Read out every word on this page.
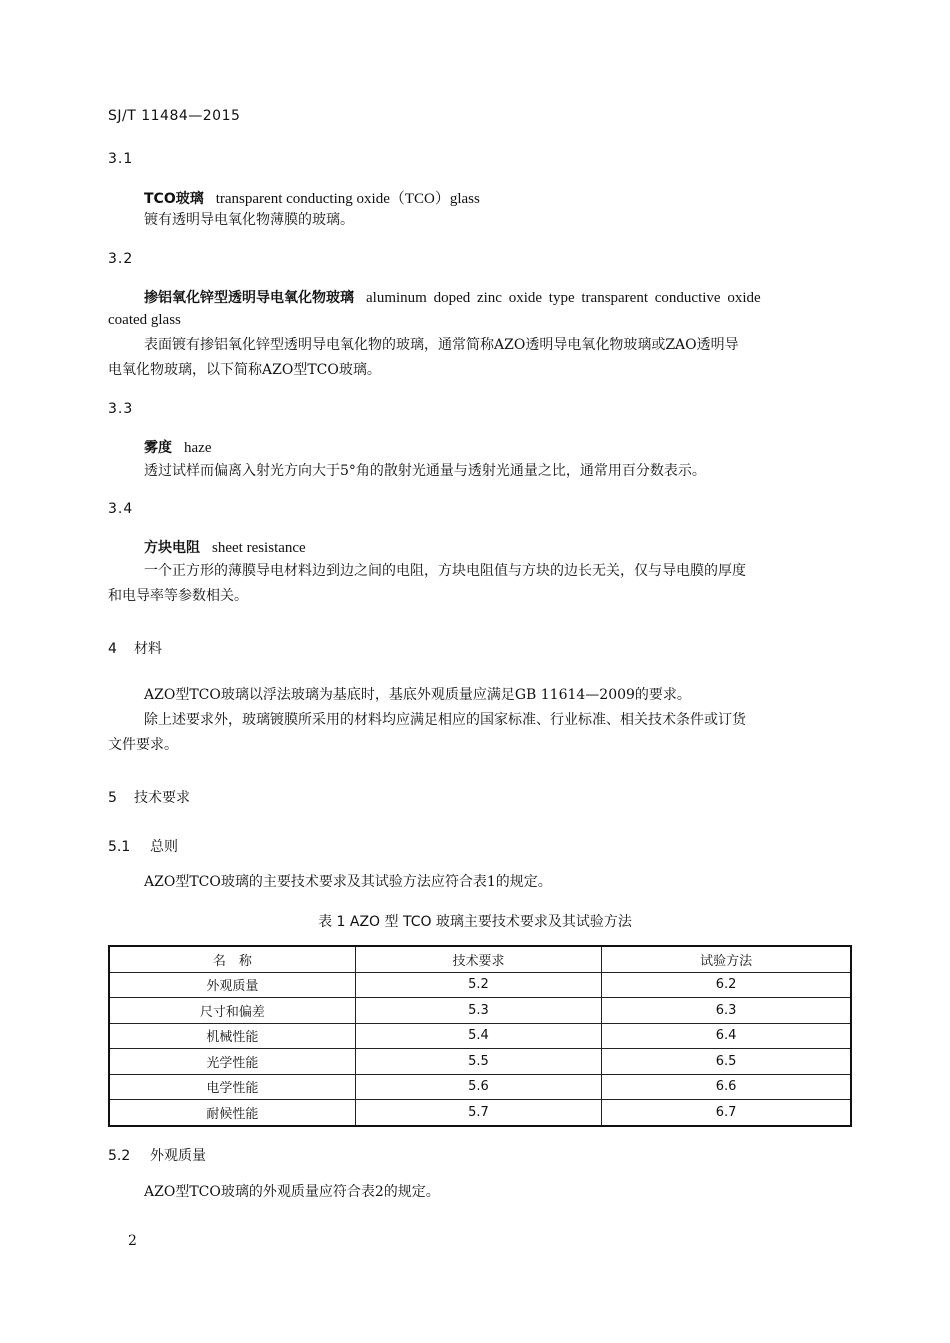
SJ/T 11484—2015
3.1
TCO玻璃 transparent conducting oxide（TCO）glass
镀有透明导电氧化物薄膜的玻璃。
3.2
掺铝氧化锌型透明导电氧化物玻璃 aluminum doped zinc oxide type transparent conductive oxide
coated glass
表面镀有掺铝氧化锌型透明导电氧化物的玻璃，通常简称AZO透明导电氧化物玻璃或ZAO透明导
电氧化物玻璃，以下简称AZO型TCO玻璃。
3.3
雾度 haze
透过试样而偏离入射光方向大于5°角的散射光通量与透射光通量之比，通常用百分数表示。
3.4
方块电阻 sheet resistance
一个正方形的薄膜导电材料边到边之间的电阻，方块电阻值与方块的边长无关，仅与导电膜的厚度
和电导率等参数相关。
4 材料
AZO型TCO玻璃以浮法玻璃为基底时，基底外观质量应满足GB 11614—2009的要求。
除上述要求外，玻璃镀膜所采用的材料均应满足相应的国家标准、行业标准、相关技术条件或订货
文件要求。
5 技术要求
5.1 总则
AZO型TCO玻璃的主要技术要求及其试验方法应符合表1的规定。
表 1 AZO 型 TCO 玻璃主要技术要求及其试验方法
名　称	技术要求	试验方法
外观质量	5.2	6.2
尺寸和偏差	5.3	6.3
机械性能	5.4	6.4
光学性能	5.5	6.5
电学性能	5.6	6.6
耐候性能	5.7	6.7
5.2 外观质量
AZO型TCO玻璃的外观质量应符合表2的规定。
2
